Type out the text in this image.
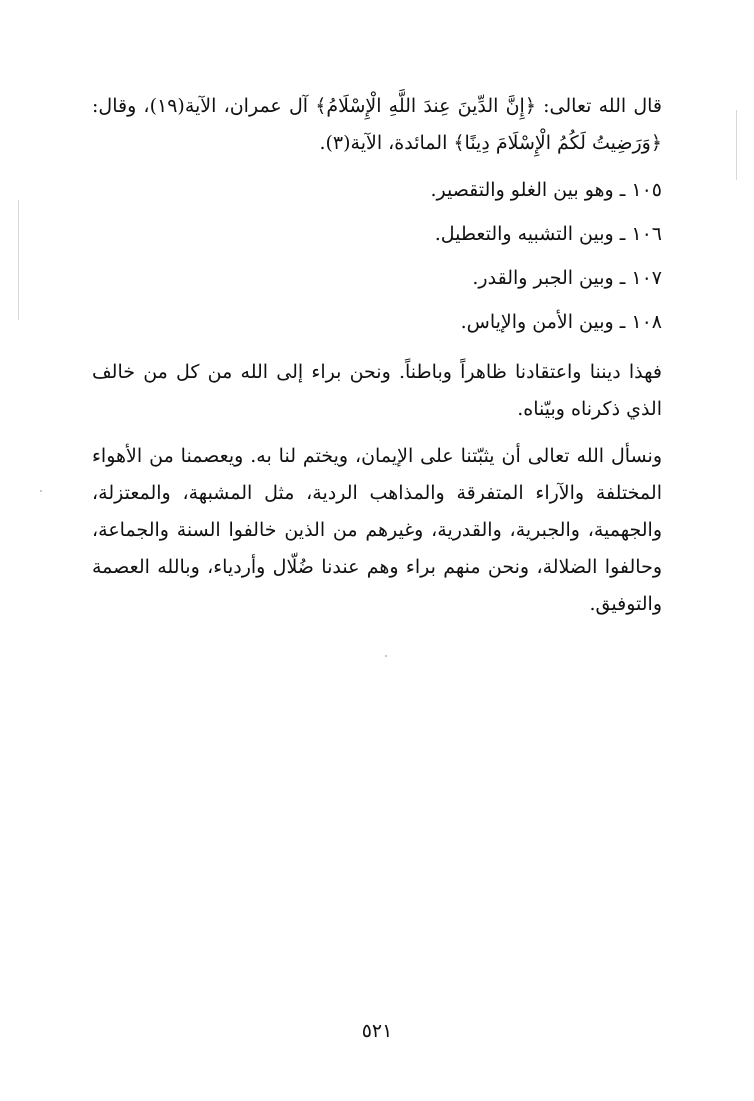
قال الله تعالى: ﴿إِنَّ الدِّينَ عِندَ اللَّهِ الْإِسْلَامُ﴾ آل عمران، الآية(١٩)، وقال: ﴿وَرَضِيتُ لَكُمُ الْإِسْلَامَ دِينًا﴾ المائدة، الآية(٣).

١٠٥ ـ وهو بين الغلو والتقصير.

١٠٦ ـ وبين التشبيه والتعطيل.

١٠٧ ـ وبين الجبر والقدر.

١٠٨ ـ وبين الأمن والإياس.

فهذا ديننا واعتقادنا ظاهراً وباطناً. ونحن براء إلى الله من كل من خالف الذي ذكرناه وبيّناه.

ونسأل الله تعالى أن يثبّتنا على الإيمان، ويختم لنا به. ويعصمنا من الأهواء المختلفة والآراء المتفرقة والمذاهب الردية، مثل المشبهة، والمعتزلة، والجهمية، والجبرية، والقدرية، وغيرهم من الذين خالفوا السنة والجماعة، وحالفوا الضلالة، ونحن منهم براء وهم عندنا ضُلّال وأردياء، وبالله العصمة والتوفيق.

٥٢١
